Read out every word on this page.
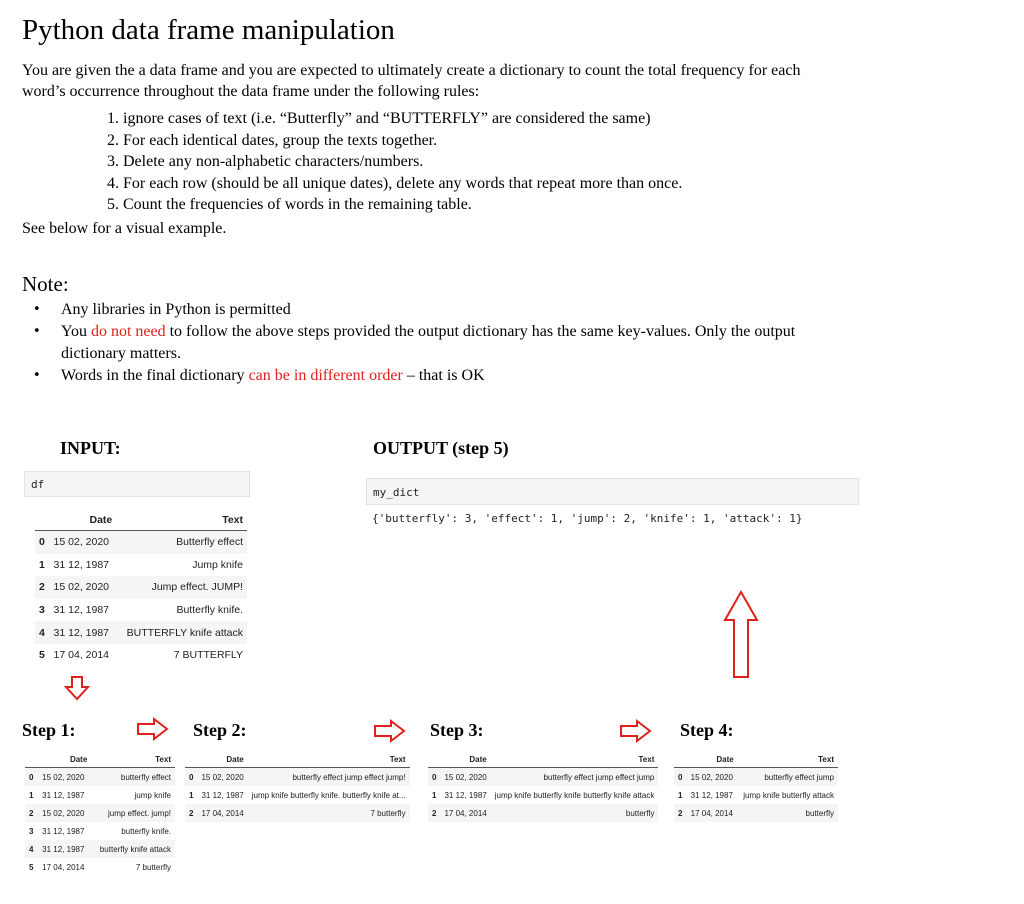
Python data frame manipulation
You are given the a data frame and you are expected to ultimately create a dictionary to count the total frequency for each word’s occurrence throughout the data frame under the following rules:
1. ignore cases of text (i.e. “Butterfly” and “BUTTERFLY” are considered the same)
2. For each identical dates, group the texts together.
3. Delete any non-alphabetic characters/numbers.
4. For each row (should be all unique dates), delete any words that repeat more than once.
5. Count the frequencies of words in the remaining table.
See below for a visual example.
Note:
• Any libraries in Python is permitted
• You do not need to follow the above steps provided the output dictionary has the same key-values. Only the output dictionary matters.
• Words in the final dictionary can be in different order – that is OK
INPUT:	OUTPUT (step 5)
df
my_dict
{'butterfly': 3, 'effect': 1, 'jump': 2, 'knife': 1, 'attack': 1}
	Date	Text
0	15 02, 2020	Butterfly effect
1	31 12, 1987	Jump knife
2	15 02, 2020	Jump effect. JUMP!
3	31 12, 1987	Butterfly knife.
4	31 12, 1987	BUTTERFLY knife attack
5	17 04, 2014	7 BUTTERFLY
Step 1:	Step 2:	Step 3:	Step 4:
	Date	Text
0	15 02, 2020	butterfly effect
1	31 12, 1987	jump knife
2	15 02, 2020	jump effect. jump!
3	31 12, 1987	butterfly knife.
4	31 12, 1987	butterfly knife attack
5	17 04, 2014	7 butterfly
	Date	Text
0	15 02, 2020	butterfly effect jump effect jump!
1	31 12, 1987	jump knife butterfly knife. butterfly knife at...
2	17 04, 2014	7 butterfly
	Date	Text
0	15 02, 2020	butterfly effect jump effect jump
1	31 12, 1987	jump knife butterfly knife butterfly knife attack
2	17 04, 2014	butterfly
	Date	Text
0	15 02, 2020	butterfly effect jump
1	31 12, 1987	jump knife butterfly attack
2	17 04, 2014	butterfly
